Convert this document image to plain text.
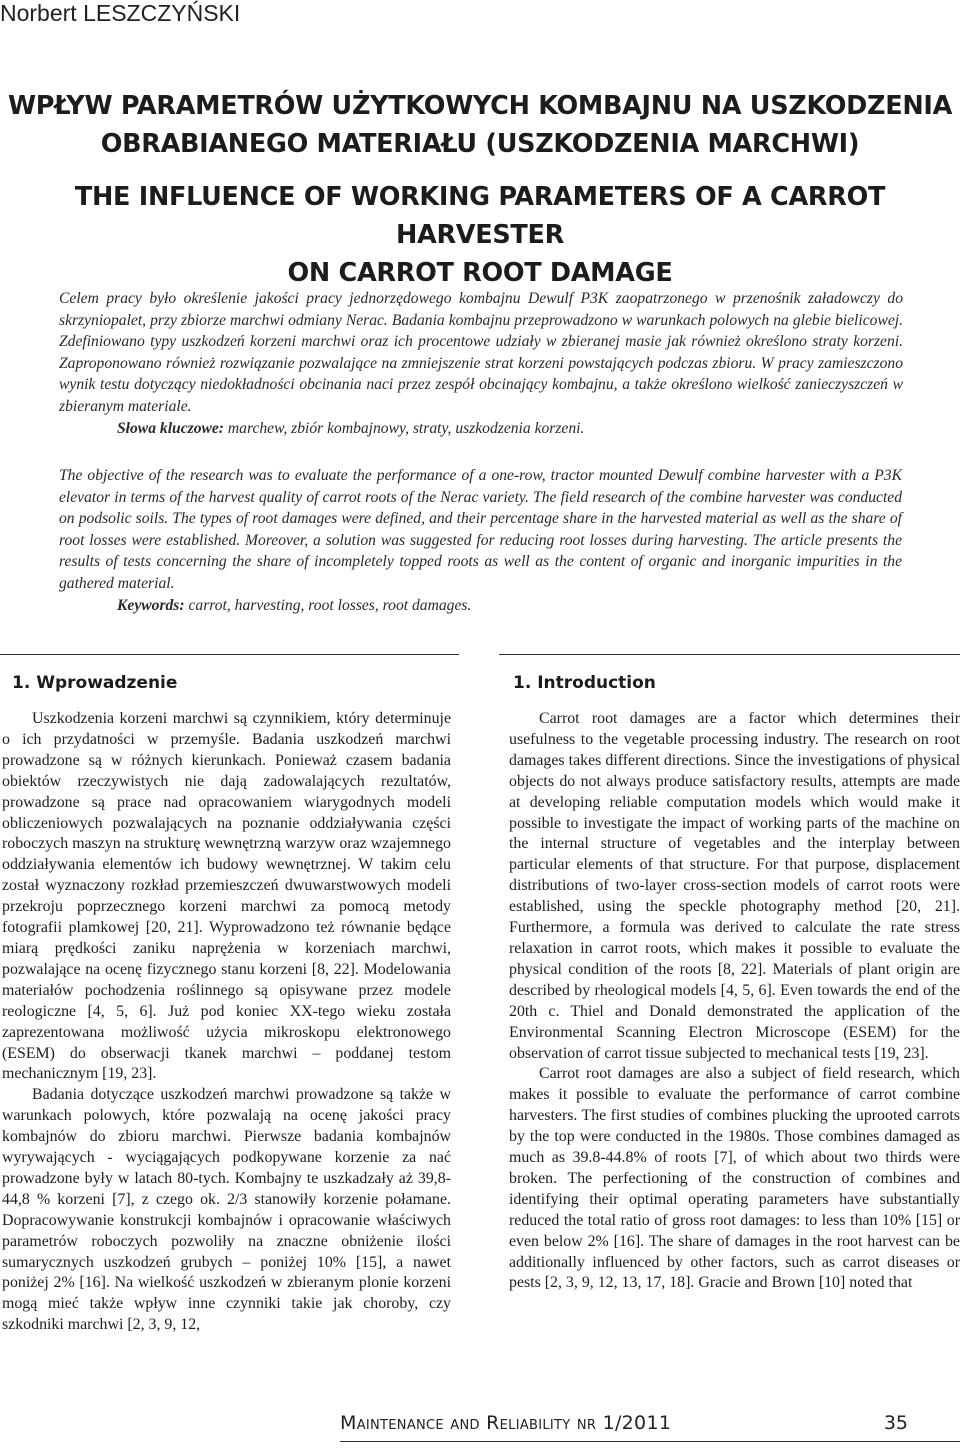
Norbert LESZCZYŃSKI
WPŁYW PARAMETRÓW UŻYTKOWYCH KOMBAJNU NA USZKODZENIA
OBRABIANEGO MATERIAŁU (USZKODZENIA MARCHWI)
THE INFLUENCE OF WORKING PARAMETERS OF A CARROT HARVESTER
ON CARROT ROOT DAMAGE
Celem pracy było określenie jakości pracy jednorzędowego kombajnu Dewulf P3K zaopatrzonego w przenośnik załadowczy do skrzyniopalet, przy zbiorze marchwi odmiany Nerac. Badania kombajnu przeprowadzono w warunkach polowych na glebie bielicowej. Zdefiniowano typy uszkodzeń korzeni marchwi oraz ich procentowe udziały w zbieranej masie jak również określono straty korzeni. Zaproponowano również rozwiązanie pozwalające na zmniejszenie strat korzeni powstających podczas zbioru. W pracy zamieszczono wynik testu dotyczący niedokładności obcinania naci przez zespół obcinający kombajnu, a także określono wielkość zanieczyszczeń w zbieranym materiale.
Słowa kluczowe: marchew, zbiór kombajnowy, straty, uszkodzenia korzeni.
The objective of the research was to evaluate the performance of a one-row, tractor mounted Dewulf combine harvester with a P3K elevator in terms of the harvest quality of carrot roots of the Nerac variety. The field research of the combine harvester was conducted on podsolic soils. The types of root damages were defined, and their percentage share in the harvested material as well as the share of root losses were established. Moreover, a solution was suggested for reducing root losses during harvesting. The article presents the results of tests concerning the share of incompletely topped roots as well as the content of organic and inorganic impurities in the gathered material.
Keywords: carrot, harvesting, root losses, root damages.
1. Wprowadzenie	1. Introduction

Uszkodzenia korzeni marchwi są czynnikiem, który determinuje o ich przydatności w przemyśle. Badania uszkodzeń marchwi prowadzone są w różnych kierunkach. Ponieważ czasem badania obiektów rzeczywistych nie dają zadowalających rezultatów, prowadzone są prace nad opracowaniem wiarygodnych modeli obliczeniowych pozwalających na poznanie oddziaływania części roboczych maszyn na strukturę wewnętrzną warzyw oraz wzajemnego oddziaływania elementów ich budowy wewnętrznej. W takim celu został wyznaczony rozkład przemieszczeń dwuwarstwowych modeli przekroju poprzecznego korzeni marchwi za pomocą metody fotografii plamkowej [20, 21]. Wyprowadzono też równanie będące miarą prędkości zaniku naprężenia w korzeniach marchwi, pozwalające na ocenę fizycznego stanu korzeni [8, 22]. Modelowania materiałów pochodzenia roślinnego są opisywane przez modele reologiczne [4, 5, 6]. Już pod koniec XX-tego wieku została zaprezentowana możliwość użycia mikroskopu elektronowego (ESEM) do obserwacji tkanek marchwi – poddanej testom mechanicznym [19, 23].

Badania dotyczące uszkodzeń marchwi prowadzone są także w warunkach polowych, które pozwalają na ocenę jakości pracy kombajnów do zbioru marchwi. Pierwsze badania kombajnów wyrywających - wyciągających podkopywane korzenie za nać prowadzone były w latach 80-tych. Kombajny te uszkadzały aż 39,8-44,8 % korzeni [7], z czego ok. 2/3 stanowiły korzenie połamane. Dopracowywanie konstrukcji kombajnów i opracowanie właściwych parametrów roboczych pozwoliły na znaczne obniżenie ilości sumarycznych uszkodzeń grubych – poniżej 10% [15], a nawet poniżej 2% [16]. Na wielkość uszkodzeń w zbieranym plonie korzeni mogą mieć także wpływ inne czynniki takie jak choroby, czy szkodniki marchwi [2, 3, 9, 12,

Carrot root damages are a factor which determines their usefulness to the vegetable processing industry. The research on root damages takes different directions. Since the investigations of physical objects do not always produce satisfactory results, attempts are made at developing reliable computation models which would make it possible to investigate the impact of working parts of the machine on the internal structure of vegetables and the interplay between particular elements of that structure. For that purpose, displacement distributions of two-layer cross-section models of carrot roots were established, using the speckle photography method [20, 21]. Furthermore, a formula was derived to calculate the rate stress relaxation in carrot roots, which makes it possible to evaluate the physical condition of the roots [8, 22]. Materials of plant origin are described by rheological models [4, 5, 6]. Even towards the end of the 20th c. Thiel and Donald demonstrated the application of the Environmental Scanning Electron Microscope (ESEM) for the observation of carrot tissue subjected to mechanical tests [19, 23].

Carrot root damages are also a subject of field research, which makes it possible to evaluate the performance of carrot combine harvesters. The first studies of combines plucking the uprooted carrots by the top were conducted in the 1980s. Those combines damaged as much as 39.8-44.8% of roots [7], of which about two thirds were broken. The perfectioning of the construction of combines and identifying their optimal operating parameters have substantially reduced the total ratio of gross root damages: to less than 10% [15] or even below 2% [16]. The share of damages in the root harvest can be additionally influenced by other factors, such as carrot diseases or pests [2, 3, 9, 12, 13, 17, 18]. Gracie and Brown [10] noted that

Maintenance and Reliability nr 1/2011	35
